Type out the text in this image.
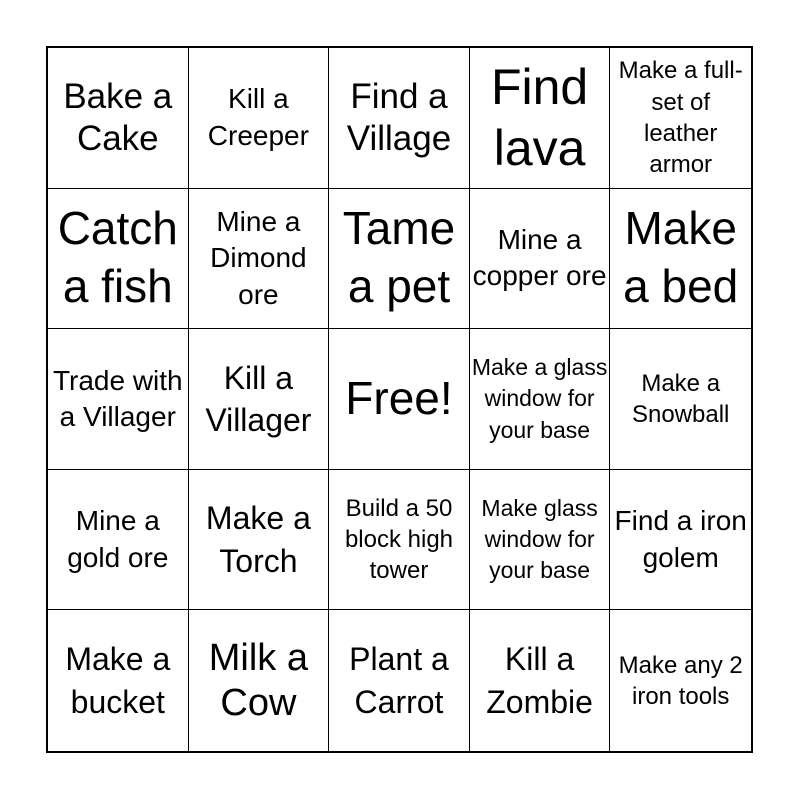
Bake a Cake
Kill a Creeper
Find a Village
Find lava
Make a full-set of leather armor
Catch a fish
Mine a Dimond ore
Tame a pet
Mine a copper ore
Make a bed
Trade with a Villager
Kill a Villager Free!
Make a glass window for your base
Make a Snowball
Mine a gold ore
Make a Torch
Build a 50 block high tower
Make glass window for your base
Find a iron golem
Make a bucket
Milk a Cow
Plant a Carrot
Kill a Zombie
Make any 2 iron tools
